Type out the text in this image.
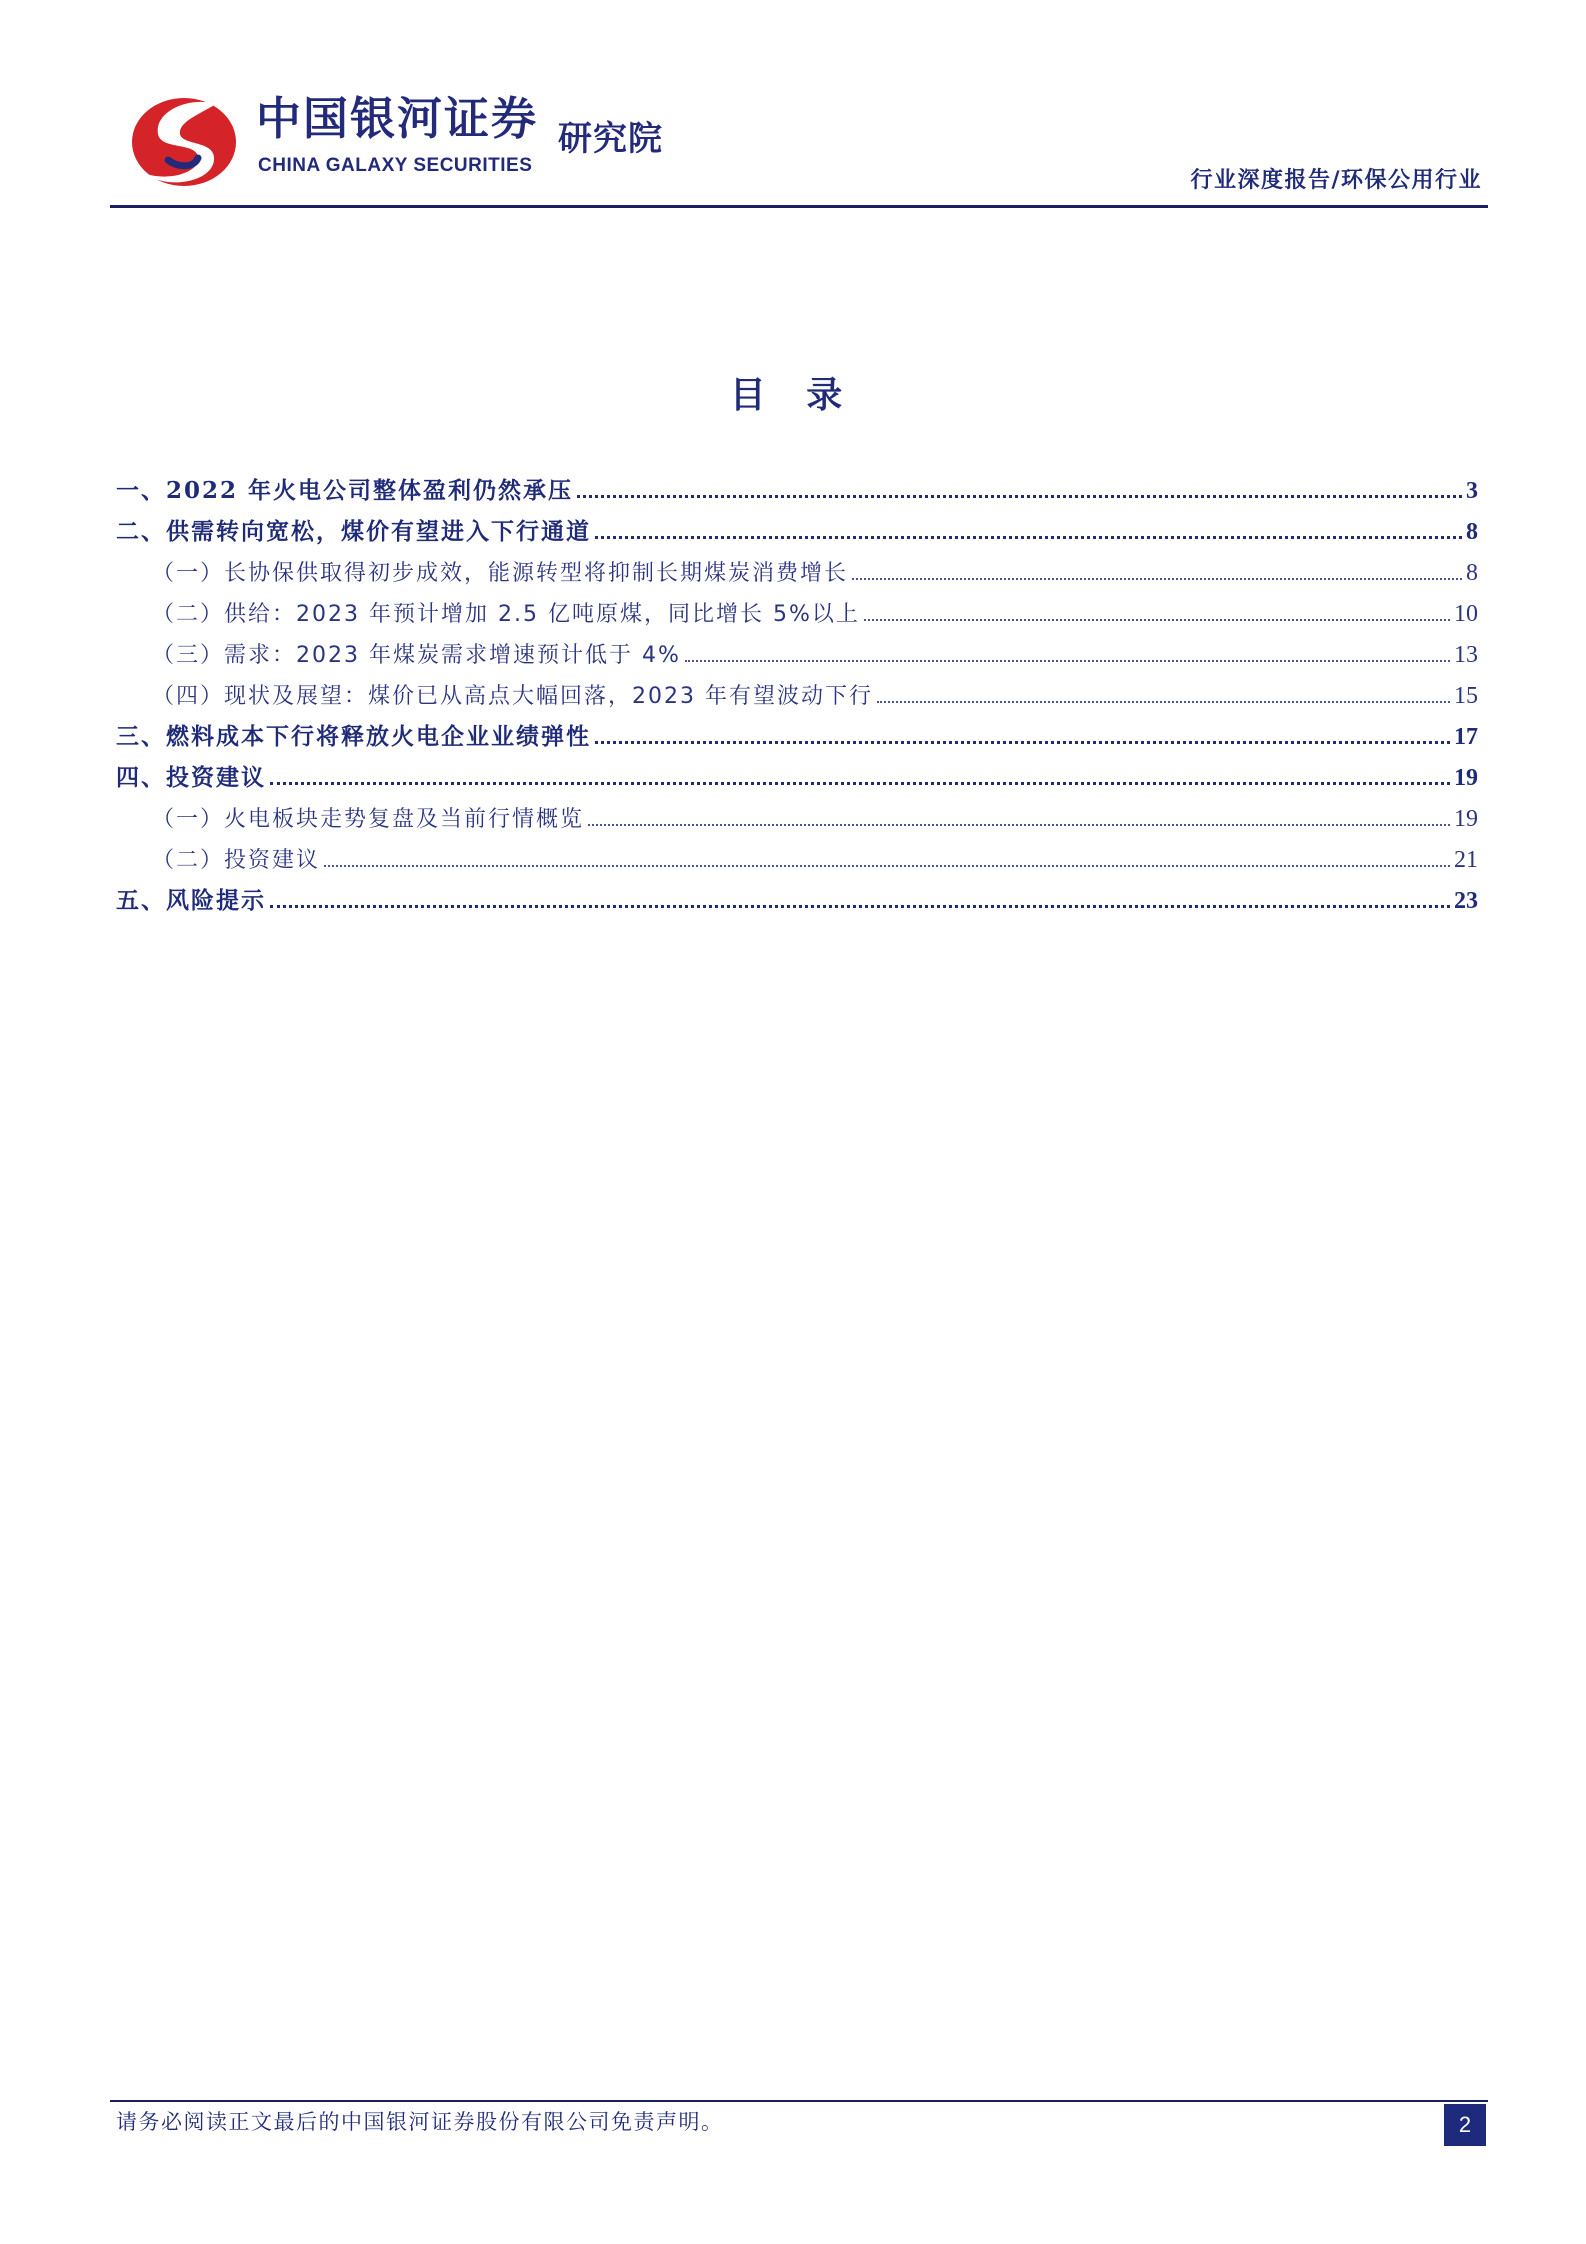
中国银河证券
CHINA GALAXY SECURITIES
研究院
行业深度报告/环保公用行业
目 录
一、2022 年火电公司整体盈利仍然承压	3
二、供需转向宽松，煤价有望进入下行通道	8
（一）长协保供取得初步成效，能源转型将抑制长期煤炭消费增长	8
（二）供给：2023 年预计增加 2.5 亿吨原煤，同比增长 5%以上	10
（三）需求：2023 年煤炭需求增速预计低于 4%	13
（四）现状及展望：煤价已从高点大幅回落，2023 年有望波动下行	15
三、燃料成本下行将释放火电企业业绩弹性	17
四、投资建议	19
（一）火电板块走势复盘及当前行情概览	19
（二）投资建议	21
五、风险提示	23
请务必阅读正文最后的中国银河证券股份有限公司免责声明。	2
